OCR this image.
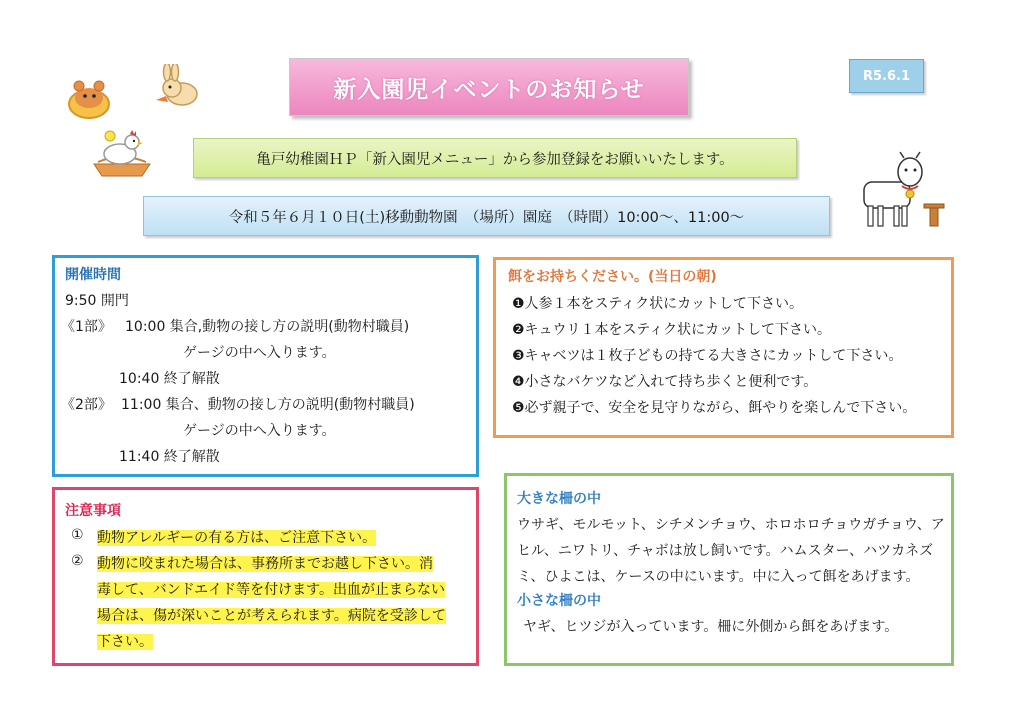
新入園児イベントのお知らせ
R5.6.1
亀戸幼稚園ＨＰ「新入園児メニュー」から参加登録をお願いいたします。
令和５年６月１０日(土)移動動物園　（場所）園庭　（時間）10:00～、11:00～
開催時間
9:50 開門
《1部》 10:00 集合,動物の接し方の説明(動物村職員)
ゲージの中へ入ります。
10:40 終了解散
《2部》 11:00 集合、動物の接し方の説明(動物村職員)
ゲージの中へ入ります。
11:40 終了解散
餌をお持ちください。(当日の朝)
❶人参１本をスティク状にカットして下さい。
❷キュウリ１本をスティク状にカットして下さい。
❸キャベツは１枚子どもの持てる大きさにカットして下さい。
❹小さなバケツなど入れて持ち歩くと便利です。
❺必ず親子で、安全を見守りながら、餌やりを楽しんで下さい。
注意事項
① 動物アレルギーの有る方は、ご注意下さい。
② 動物に咬まれた場合は、事務所までお越し下さい。消
毒して、バンドエイド等を付けます。出血が止まらない
場合は、傷が深いことが考えられます。病院を受診して
下さい。
大きな柵の中
ウサギ、モルモット、シチメンチョウ、ホロホロチョウガチョウ、ア
ヒル、ニワトリ、チャボは放し飼いです。ハムスター、ハツカネズ
ミ、ひよこは、ケースの中にいます。中に入って餌をあげます。
小さな柵の中
ヤギ、ヒツジが入っています。柵に外側から餌をあげます。
